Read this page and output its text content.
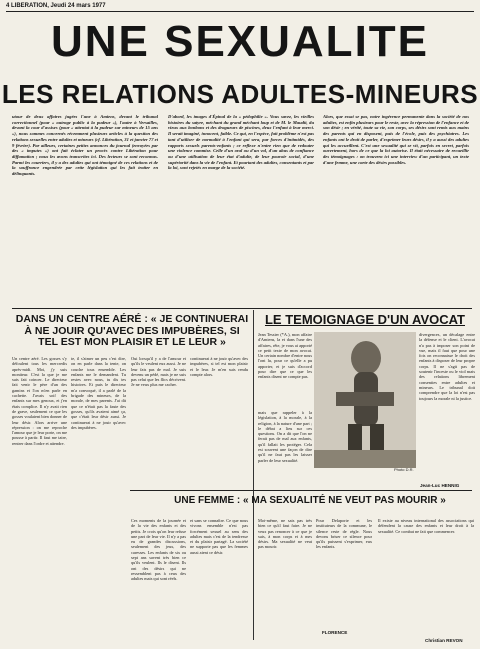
4 LIBERATION, Jeudi 24 mars 1977
UNE SEXUALITE
LES RELATIONS ADULTES-MINEURS
utour de deux affaires jugées l'une à Amiens, devant le tribunal correctionnel (pour « outrage public à la pudeur »), l'autre à Versailles, devant la cour d'assises (pour « attentat à la pudeur sur mineurs de 15 ans »), nous sommes concernés récemment plusieurs articles à la question des relations sexuelles entre adultes et mineurs (cf. Libération, 31 et janvier 77 et 9 février). Par ailleurs, certaines petites annonces du journal (envoyées par des « imputes ») ont fait éclater un procès contre Libération pour diffamation ; nous les avons transcrites ici. Des lecteurs se sont reconnus. Parmi les courriers, il y a des adultes qui ont témoigné de ces relations et de la souffrance engendrée par cette législation qui les fait traiter en délinquants.
D'abord, les images d'Épinal de la « pédophilie ». Vous savez, les vieilles histoires du satyre, méchant du grand méchant loup et de M. le Maudit, du vieux aux bonbons et des dragueurs de piscines, deux l'enfant à leur merci. Il serait imaginé, innocent, faible. Ce qui, en l'espèce, fait problème n'est pas tant d'utiliser de normalité à l'enfant qui sera, par forces d'intimidés, des rapports sexuels parents-enfants ; ce reflexe n'entre rien que de redouter une violence commise. Celle d'un oral ou d'un vol, d'un abus de confiance ou d'une utilisation de leur état d'adulte, de leur pouvoir social, d'une supériorité dans la vie de l'enfant. Et pourtant des adultes, consentants et par la loi, sont rejetés en marge de la société.
Alors, que essai se pas, notre ingérence permanente dans la société de nos adultes, est enfin plusieurs pour le reste, avec la répression de l'enfance et de son désir ; en vérité, toute sa vie, son corps, ses désirs sont remis aux mains des parents qui en disposent, puis de l'école, puis des psychiatres. Les enfants ont le droit de parler, d'exprimer leurs désirs, il y a aussi des adultes qui les accueillent. C'est une sexualité qui se vit, parfois en secret, parfois ouvertement, hors de ce que la loi autorise. Il était nécessaire de recueillir des témoignages : on trouvera ici une interview d'un participant, un texte d'une femme, une carte des désirs possibles.
DANS UN CENTRE AÉRÉ : « JE CONTINUERAI À NE JOUIR QU'AVEC DES IMPUBÈRES, SI TEL EST MON PLAISIR ET LE LEUR »
Un centre aéré. Les gosses s'y défoulent tous les mercredis après-midi. Moi, j'y suis moniteur. C'est la que je me suis fait coincer. Le directeur fait venir le père d'un des gamins et l'on m'en parle en cachette. J'avais soif des enfants sur mes genoux, et j'en étais complice. Il n'y avait rien de grave, seulement ce que les gosses voulaient bien donner de leur désir. Alors arrive une répression : on me reproche l'amour que je leur porte, on me pousse à partir. Il faut me taire, rentrer dans l'ordre et attendre.
te, il s'aimer un peu c'est dire, on en parle dans la tente, on couche tous ensemble. Les enfants me le demandent. Tu restes avec nous, tu dis tes histoires. Et puis le directeur m'a convoqué, il a parlé de la brigade des mineurs, de la morale, de mes parents. J'ai dit que ce n'était pas la faute des gosses, qu'ils avaient aimé ça, que c'était leur désir aussi. Je continuerai à ne jouir qu'avec des impubères.
Oui lorsqu'il y a de l'amour et qu'ils le veulent eux aussi. Je ne leur fais pas de mal. Je suis devenu un pédé, mais je ne suis pas celui que les flics décrivent. Je ne veux plus me cacher.
continuerai à ne jouir qu'avec des impubères, si tel est mon plaisir et le leur. Je m'en suis rendu compte alors.
LE TEMOIGNAGE D'UN AVOCAT
Jean Tessier (*A.), mon affaire d'Amiens, la et dans l'une des affaires, rête, je vous ai apporté ce petit texte de mon avocat. Un certain nombre d'entre nous l'ont lu, pour ce qu'elle a pu apporter, et je suis d'accord pour dire que ce que les enfants disent ne compte pas.
mais que rappeler à la législation, à la morale, à la religion, à la nature d'une part ; le débat a lieu sur ces questions. On a dit que l'on ne ferait pas de mal aux enfants, qu'il fallait les protéger. Cela est souvent une façon de dire qu'il ne faut pas les laisser parler de leur sexualité.
divergences, un décalage entre la défense et le client. L'avocat n'a pas à imposer son point de vue, mais il faut que pour une fois on reconnaisse le droit des enfants à disposer de leur propre corps. Il ne s'agit pas de soutenir l'inceste ou le viol mais des relations librement consenties entre adultes et mineurs. Le tribunal doit comprendre que la loi n'est pas toujours la morale ni la justice.
Jean-Luc HENNIG
Photo D.R.
UNE FEMME : « MA SEXUALITÉ NE VEUT PAS MOURIR »
Ces moments de la journée et de la vie des enfants et des petits. Je crois qu'on leur refuse une part de leur vie. Il n'y a pas eu de grandes discussions, seulement des jeux, des caresses. Les enfants de six ou sept ans savent très bien ce qu'ils veulent. Ils le disent. Ils ont des désirs qui ne ressemblent pas à ceux des adultes mais qui sont réels.
et sans se connaître. Ce que nous vivons ensemble n'est pas forcément sexuel au sens des adultes mais c'est de la tendresse et du plaisir partagé. La société ne supporte pas que les femmes aussi aient ce désir.
Moi-même, ne sais pas très bien ce qu'il faut faire. Je ne veux pas renoncer à ce que je suis, à mon corps et à mes désirs. Ma sexualité ne veut pas mourir.
Pour Delaporte et les instituteurs de la commune, le silence reste de règle. Nous devons briser ce silence pour qu'ils puissent s'exprimer, eux les enfants.
Il existe au niveau international des associations qui défendent la cause des enfants et leur droit à la sexualité. Ce combat ne fait que commencer.
FLORENCE
Christian REVON
